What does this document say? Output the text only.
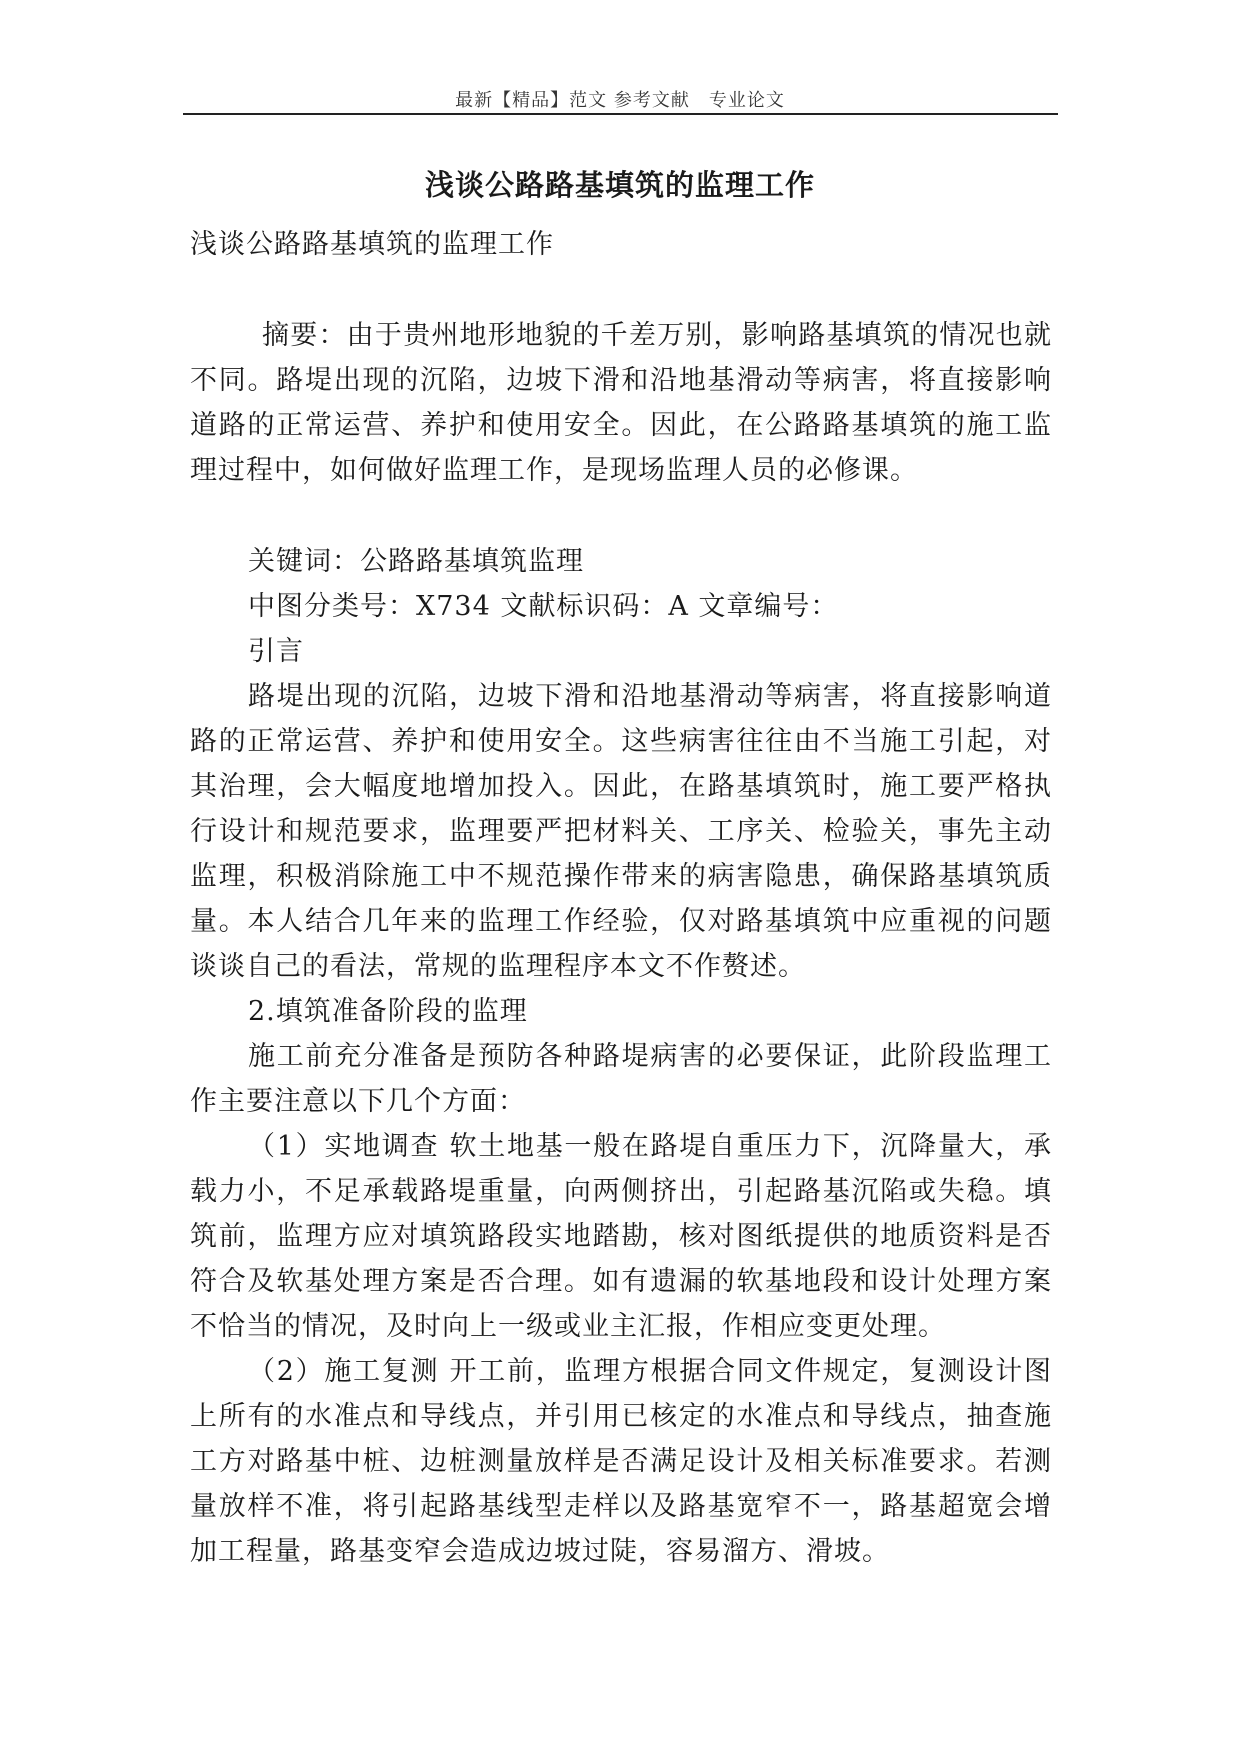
最新【精品】范文 参考文献　专业论文
浅谈公路路基填筑的监理工作

浅谈公路路基填筑的监理工作

摘要：由于贵州地形地貌的千差万别，影响路基填筑的情况也就不同。路堤出现的沉陷，边坡下滑和沿地基滑动等病害，将直接影响道路的正常运营、养护和使用安全。因此，在公路路基填筑的施工监理过程中，如何做好监理工作，是现场监理人员的必修课。

关键词：公路路基填筑监理

中图分类号：X734 文献标识码：A 文章编号：

引言

路堤出现的沉陷，边坡下滑和沿地基滑动等病害，将直接影响道路的正常运营、养护和使用安全。这些病害往往由不当施工引起，对其治理，会大幅度地增加投入。因此，在路基填筑时，施工要严格执行设计和规范要求，监理要严把材料关、工序关、检验关，事先主动监理，积极消除施工中不规范操作带来的病害隐患，确保路基填筑质量。本人结合几年来的监理工作经验，仅对路基填筑中应重视的问题谈谈自己的看法，常规的监理程序本文不作赘述。

2.填筑准备阶段的监理

施工前充分准备是预防各种路堤病害的必要保证，此阶段监理工作主要注意以下几个方面：

（1）实地调查 软土地基一般在路堤自重压力下，沉降量大，承载力小，不足承载路堤重量，向两侧挤出，引起路基沉陷或失稳。填筑前，监理方应对填筑路段实地踏勘，核对图纸提供的地质资料是否符合及软基处理方案是否合理。如有遗漏的软基地段和设计处理方案不恰当的情况，及时向上一级或业主汇报，作相应变更处理。

（2）施工复测 开工前，监理方根据合同文件规定，复测设计图上所有的水准点和导线点，并引用已核定的水准点和导线点，抽查施工方对路基中桩、边桩测量放样是否满足设计及相关标准要求。若测量放样不准，将引起路基线型走样以及路基宽窄不一，路基超宽会增加工程量，路基变窄会造成边坡过陡，容易溜方、滑坡。
